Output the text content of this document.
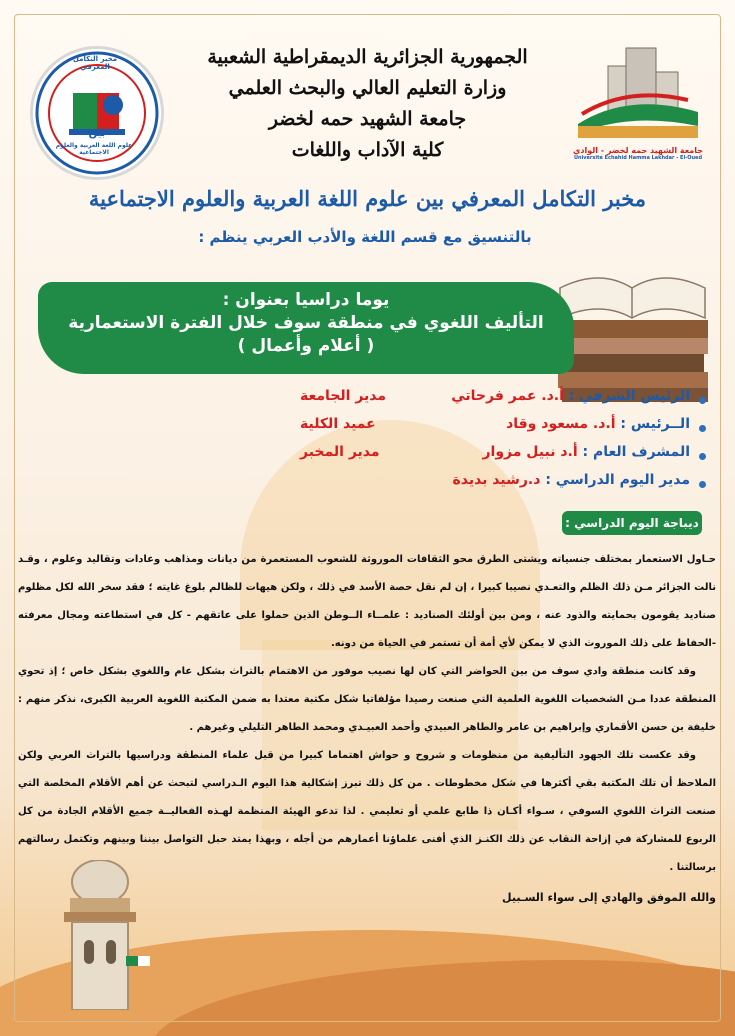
مخبر التكامل المعرفي
بين
علوم اللغة العربية والعلوم الاجتماعية	جامعة الشهيد حمه لخضر - الوادي
Université Echahid Hamma Lakhdar - El-Oued
الجمهورية الجزائرية الديمقراطية الشعبية
وزارة التعليم العالي والبحث العلمي
جامعة الشهيد حمه لخضر
كلية الآداب واللغات
مخبر التكامل المعرفي بين علوم اللغة العربية والعلوم الاجتماعية
بالتنسيق مع قسم اللغة والأدب العربي ينظم :
يوما دراسيا بعنوان :
التأليف اللغوي في منطقة سوف خلال الفترة الاستعمارية
( أعلام وأعمال )
الرئيس الشرفي : أ.د. عمر فرحاتي
مدير الجامعة
الــرئيس : أ.د. مسعود وقاد
عميد الكلية
المشرف العام : أ.د نبيل مزوار
مدير المخبر
مدير اليوم الدراسي : د.رشيد بديدة
ديباجة اليوم الدراسي :

حـاول الاستعمار بمختلف جنسياته ويشتى الطرق محو الثقافات الموروثة للشعوب المستعمرة من ديانات ومذاهب وعادات وتقاليد وعلوم ، وقـد نالت الجزائر مـن ذلك الظلم والتعـدي نصيبا كبيرا ، إن لم نقل حصة الأسد في ذلك ، ولكن هيهات للظالم بلوغ غايته ؛ فقد سخر الله لكل مظلوم صناديد يقومون بحمايته والذود عنه ، ومن بين أولئك الصناديد : علمــاء الــوطن الذين حملوا على عاتقهم - كل في استطاعته ومجال معرفته -الحفاظ على ذلك الموروث الذي لا يمكن لأي أمة أن تستمر في الحياة من دونه.

وقد كانت منطقة وادي سوف من بين الحواضر التي كان لها نصيب موفور من الاهتمام بالتراث بشكل عام واللغوي بشكل خاص ؛ إذ تحوي المنطقة عددا مـن الشخصيات اللغوية العلمية التي صنعت رصيدا مؤلفاتيا شكل مكتبة معتدا به ضمن المكتبة اللغوية العربية الكبرى، نذكر منهم : خليفة بن حسن الأقماري وإبراهيم بن عامر والطاهر العبيدي وأحمد العبيـدي ومحمد الطاهر التليلي وغيرهم .

وقد عكست تلك الجهود التأليفية من منظومات و شروح و حواش اهتماما كبيرا من قبل علماء المنطقة ودراسيها بالتراث العربي ولكن الملاحظ أن تلك المكتبة بقي أكثرها في شكل مخطوطات . من كل ذلك تبرز إشكالية هذا اليوم الـدراسي لتبحث عن أهم الأقلام المخلصة التي صنعت التراث اللغوي السوفي ، سـواء أكـان ذا طابع علمي أو تعليمي . لذا تدعو الهيئة المنظمة لهـذه الفعاليــة جميع الأقلام الجادة من كل الربوع للمشاركة في إزاحة النقاب عن ذلك الكنـز الذي أفنى علماؤنا أعمارهم من أجله ، وبهذا يمتد حبل التواصل بيننا وبينهم وتكتمل رسالتهم برسالتنا .

والله الموفق والهادي إلى سواء السـبيل
